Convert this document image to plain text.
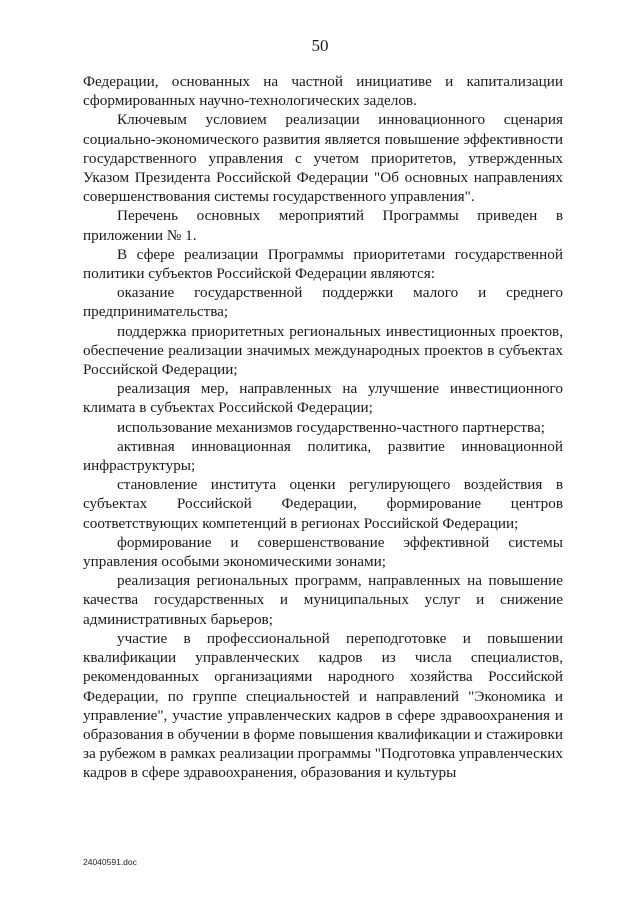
50

Федерации, основанных на частной инициативе и капитализации сформированных научно-технологических заделов.

Ключевым условием реализации инновационного сценария социально-экономического развития является повышение эффективности государственного управления с учетом приоритетов, утвержденных Указом Президента Российской Федерации "Об основных направлениях совершенствования системы государственного управления".

Перечень основных мероприятий Программы приведен в приложении № 1.

В сфере реализации Программы приоритетами государственной политики субъектов Российской Федерации являются:

оказание государственной поддержки малого и среднего предпринимательства;

поддержка приоритетных региональных инвестиционных проектов, обеспечение реализации значимых международных проектов в субъектах Российской Федерации;

реализация мер, направленных на улучшение инвестиционного климата в субъектах Российской Федерации;

использование механизмов государственно-частного партнерства;

активная инновационная политика, развитие инновационной инфраструктуры;

становление института оценки регулирующего воздействия в субъектах Российской Федерации, формирование центров соответствующих компетенций в регионах Российской Федерации;

формирование и совершенствование эффективной системы управления особыми экономическими зонами;

реализация региональных программ, направленных на повышение качества государственных и муниципальных услуг и снижение административных барьеров;

участие в профессиональной переподготовке и повышении квалификации управленческих кадров из числа специалистов, рекомендованных организациями народного хозяйства Российской Федерации, по группе специальностей и направлений "Экономика и управление", участие управленческих кадров в сфере здравоохранения и образования в обучении в форме повышения квалификации и стажировки за рубежом в рамках реализации программы "Подготовка управленческих кадров в сфере здравоохранения, образования и культуры

24040591.doc
